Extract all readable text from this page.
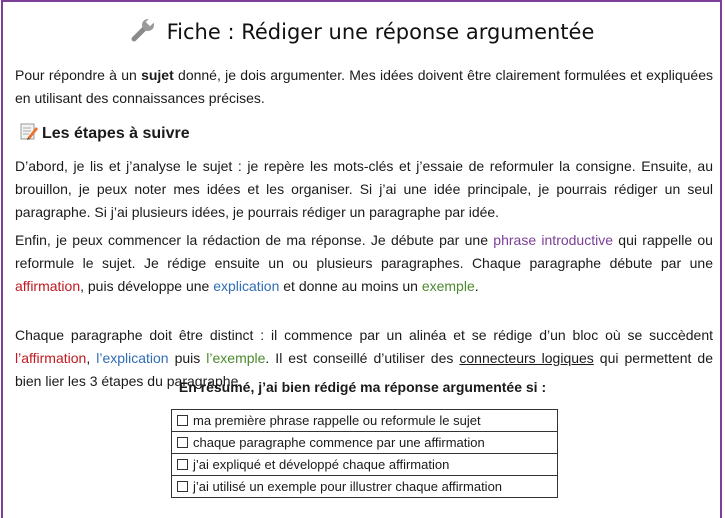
Fiche : Rédiger une réponse argumentée
Pour répondre à un sujet donné, je dois argumenter. Mes idées doivent être clairement formulées et expliquées en utilisant des connaissances précises.
Les étapes à suivre
D’abord, je lis et j’analyse le sujet : je repère les mots-clés et j’essaie de reformuler la consigne. Ensuite, au brouillon, je peux noter mes idées et les organiser. Si j’ai une idée principale, je pourrais rédiger un seul paragraphe. Si j’ai plusieurs idées, je pourrais rédiger un paragraphe par idée.
Enfin, je peux commencer la rédaction de ma réponse. Je débute par une phrase introductive qui rappelle ou reformule le sujet. Je rédige ensuite un ou plusieurs paragraphes. Chaque paragraphe débute par une affirmation, puis développe une explication et donne au moins un exemple.
Chaque paragraphe doit être distinct : il commence par un alinéa et se rédige d’un bloc où se succèdent l’affirmation, l’explication puis l’exemple. Il est conseillé d’utiliser des connecteurs logiques qui permettent de bien lier les 3 étapes du paragraphe.
En résumé, j’ai bien rédigé ma réponse argumentée si :
ma première phrase rappelle ou reformule le sujet
chaque paragraphe commence par une affirmation
j’ai expliqué et développé chaque affirmation
j’ai utilisé un exemple pour illustrer chaque affirmation
